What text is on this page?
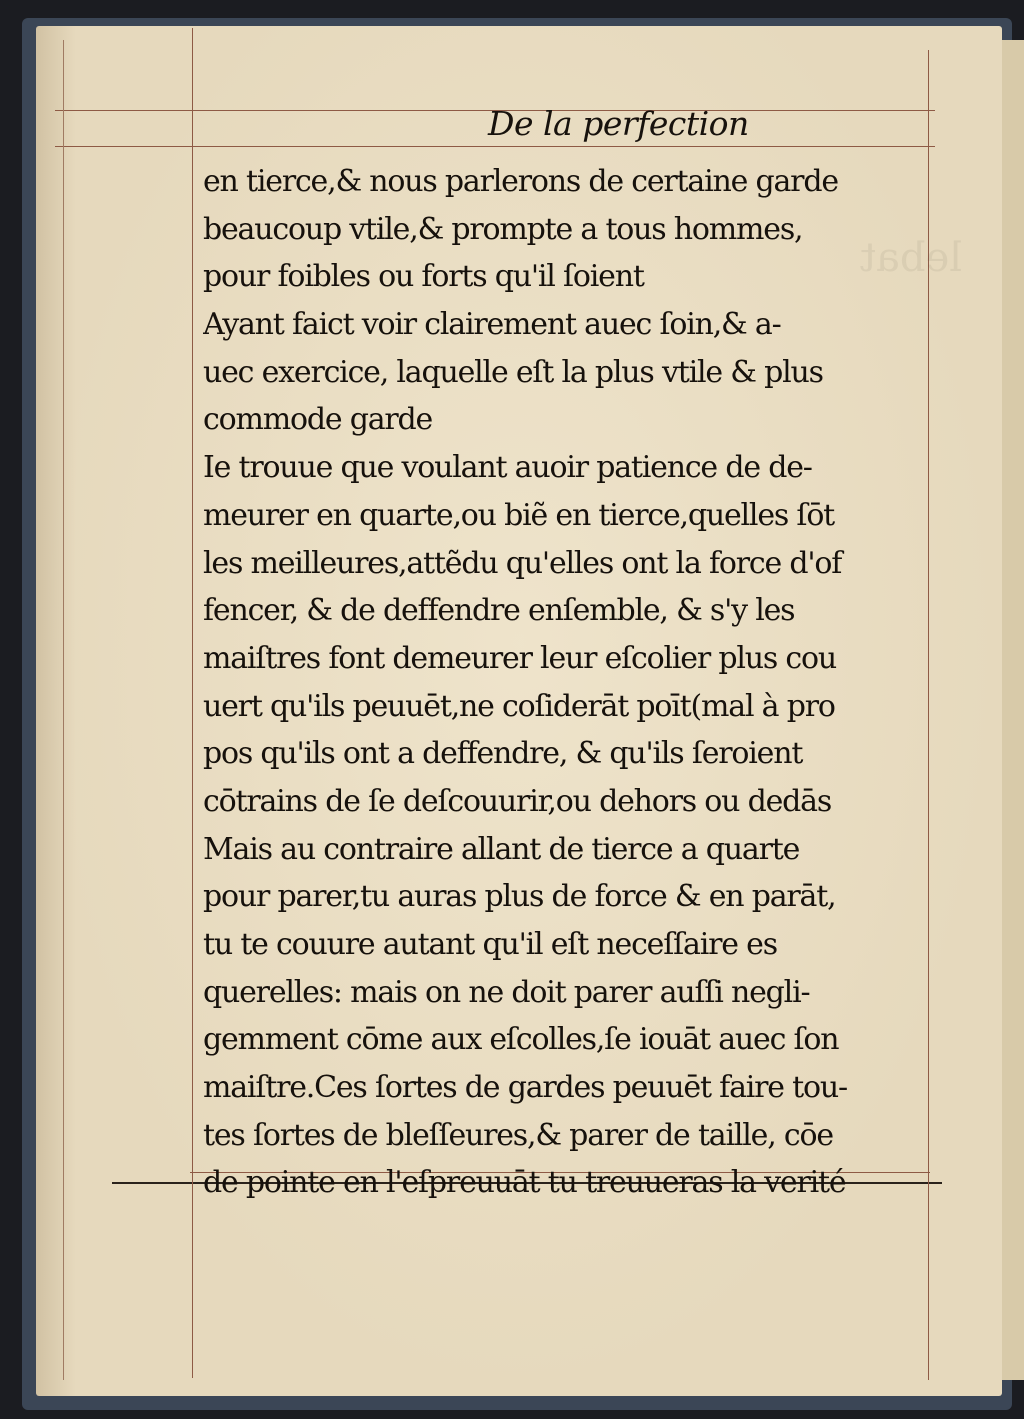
De la perfection
en tierce,& nous parlerons de certaine garde
beaucoup vtile,& prompte a tous hommes,
pour foibles ou forts qu'il ſoient
Ayant faict voir clairement auec ſoin,& a-
uec exercice, laquelle eſt la plus vtile & plus
commode garde
Ie trouue que voulant auoir patience de de-
meurer en quarte,ou biẽ en tierce,quelles ſōt
les meilleures,attẽdu qu'elles ont la force d'of
fencer, & de deffendre enſemble, & s'y les
maiſtres font demeurer leur eſcolier plus cou
uert qu'ils peuuēt,ne coſiderāt poīt(mal à pro
pos qu'ils ont a deffendre, & qu'ils ſeroient
cōtrains de ſe deſcouurir,ou dehors ou dedās
Mais au contraire allant de tierce a quarte
pour parer,tu auras plus de force & en parāt,
tu te couure autant qu'il eſt neceſſaire es
querelles: mais on ne doit parer auſſi negli-
gemment cōme aux eſcolles,ſe iouāt auec ſon
maiſtre.Ces ſortes de gardes peuuēt faire tou-
tes ſortes de bleſſeures,& parer de taille, cōe
de pointe en l'eſpreuuāt tu treuueras la verité
